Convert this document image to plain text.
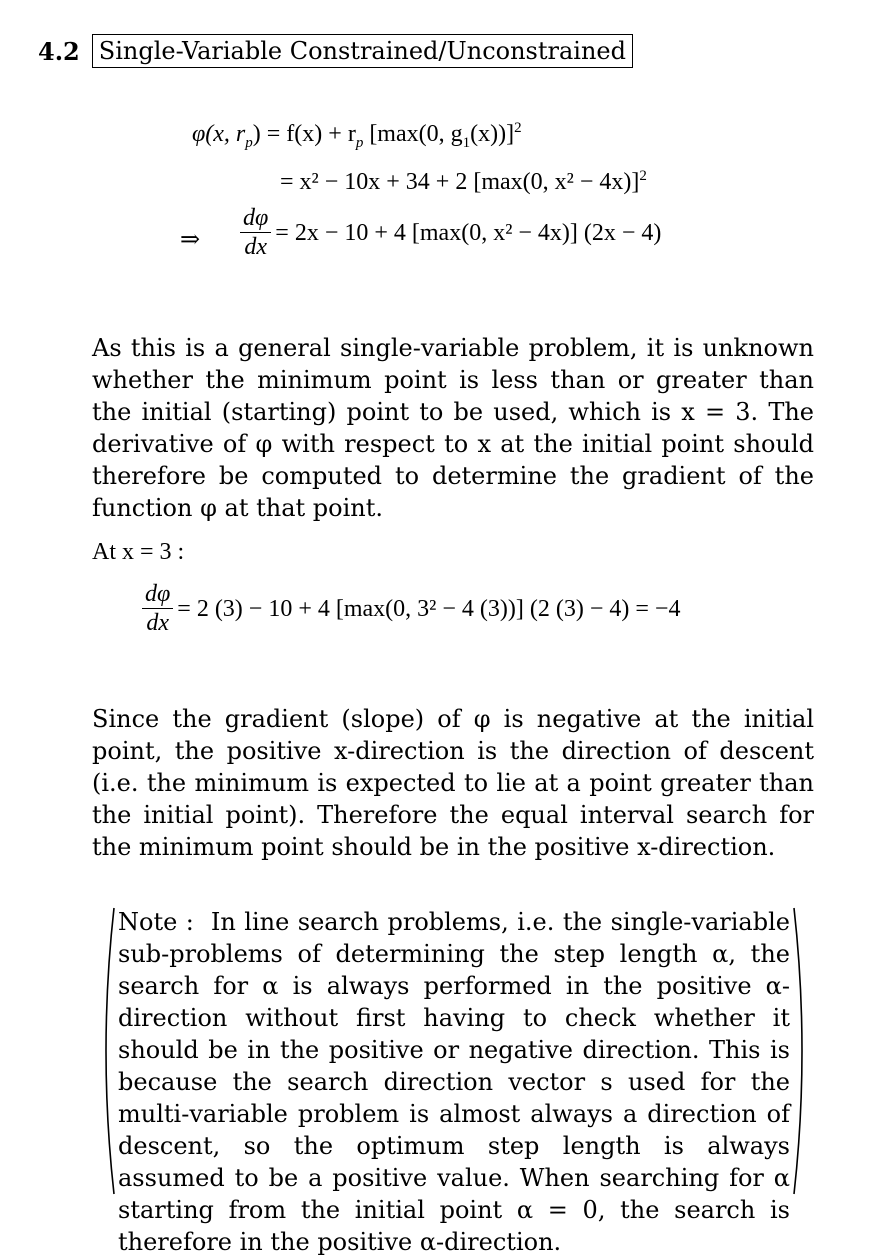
4.2 Single-Variable Constrained/Unconstrained
φ(x, $r_p) = f(x) + r_p$ [max(0, $g_1(x))]^2$
= x² − 10x + 34 + 2 [max(0, x² − 4x)]$^2$
⇒ $\frac{d\varphi}{dx} = 2x - 10 + 4$ [max(0, x² − 4x)] (2x − 4)
As this is a general single-variable problem, it is unknown whether the minimum point is less than or greater than the initial (starting) point to be used, which is x = 3. The derivative of φ with respect to x at the initial point should therefore be computed to determine the gradient of the function φ at that point.
At x = 3 :
$\frac{d\varphi}{dx} = 2$ (3) − 10 + 4 [max(0, 3² − 4 (3))] (2 (3) − 4) = −4
Since the gradient (slope) of φ is negative at the initial point, the positive x-direction is the direction of descent (i.e. the minimum is expected to lie at a point greater than the initial point). Therefore the equal interval search for the minimum point should be in the positive x-direction.
Note : In line search problems, i.e. the single-variable sub-problems of determining the step length α, the search for α is always performed in the positive α-direction without first having to check whether it should be in the positive or negative direction. This is because the search direction vector s used for the multi-variable problem is almost always a direction of descent, so the optimum step length is always assumed to be a positive value. When searching for α starting from the initial point α = 0, the search is therefore in the positive α-direction.
